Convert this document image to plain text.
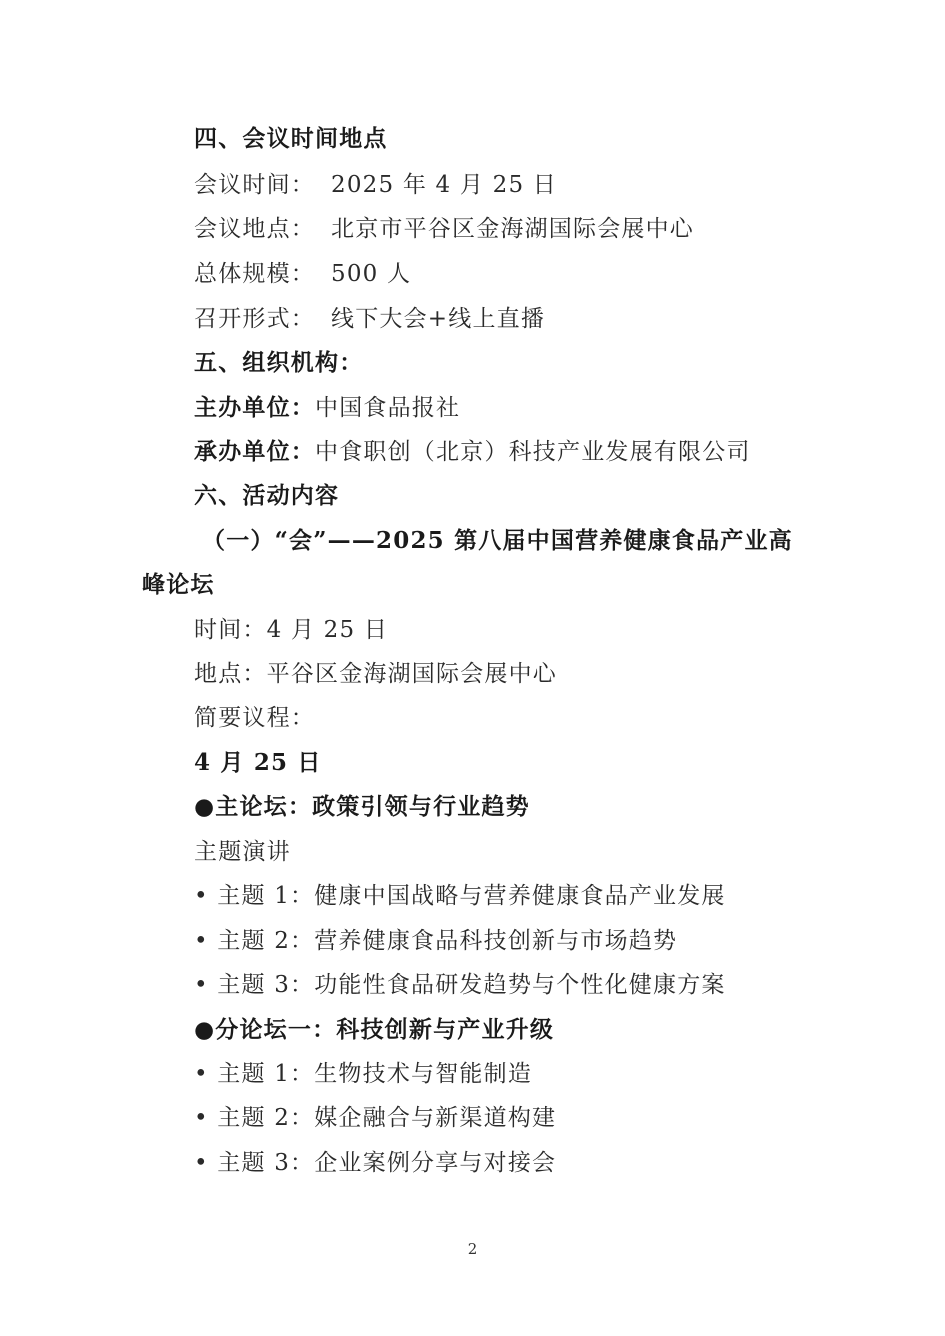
四、会议时间地点
会议时间： 2025 年 4 月 25 日
会议地点： 北京市平谷区金海湖国际会展中心
总体规模： 500 人
召开形式： 线下大会+线上直播
五、组织机构：
主办单位：中国食品报社
承办单位：中食职创（北京）科技产业发展有限公司
六、活动内容
（一）“会”——2025 第八届中国营养健康食品产业高
峰论坛
时间：4 月 25 日
地点：平谷区金海湖国际会展中心
简要议程：
4 月 25 日
●主论坛：政策引领与行业趋势
主题演讲
• 主题 1：健康中国战略与营养健康食品产业发展
• 主题 2：营养健康食品科技创新与市场趋势
• 主题 3：功能性食品研发趋势与个性化健康方案
●分论坛一：科技创新与产业升级
• 主题 1：生物技术与智能制造
• 主题 2：媒企融合与新渠道构建
• 主题 3：企业案例分享与对接会
2
